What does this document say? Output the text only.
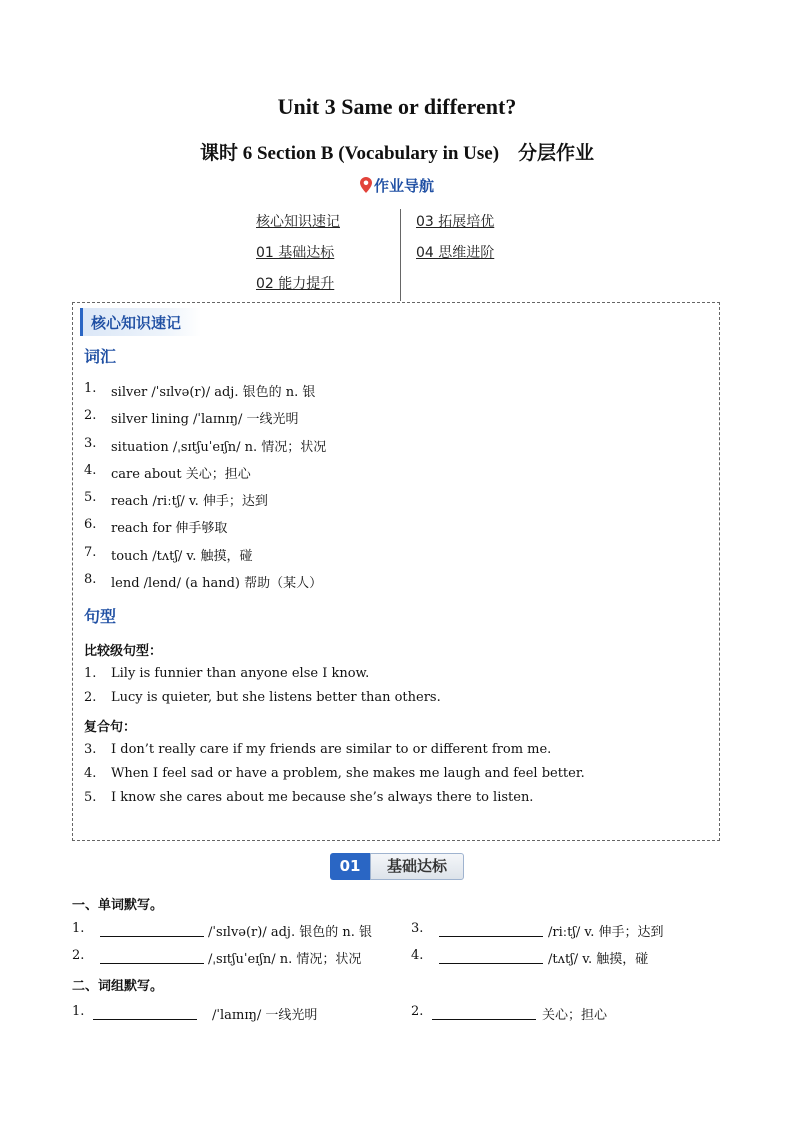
Unit 3 Same or different?
课时 6 Section B (Vocabulary in Use)　分层作业
作业导航
核心知识速记
01 基础达标
02 能力提升
03 拓展培优
04 思维进阶
核心知识速记
词汇
1. silver /ˈsɪlvə(r)/ adj. 银色的 n. 银
2. silver lining /ˈlaɪnɪŋ/ 一线光明
3. situation /ˌsɪtʃuˈeɪʃn/ n. 情况；状况
4. care about 关心；担心
5. reach /riːtʃ/ v. 伸手；达到
6. reach for 伸手够取
7. touch /tʌtʃ/ v. 触摸，碰
8. lend /lend/ (a hand) 帮助（某人）
句型
比较级句型：
1. Lily is funnier than anyone else I know.
2. Lucy is quieter, but she listens better than others.
复合句：
3. I don’t really care if my friends are similar to or different from me.
4. When I feel sad or have a problem, she makes me laugh and feel better.
5. I know she cares about me because she’s always there to listen.
01	基础达标
一、单词默写。
1.	/ˈsɪlvə(r)/ adj. 银色的 n. 银	3.	/riːtʃ/ v. 伸手；达到
2.	/ˌsɪtʃuˈeɪʃn/ n. 情况；状况	4.	/tʌtʃ/ v. 触摸，碰
二、词组默写。
1.	/ˈlaɪnɪŋ/ 一线光明	2.	关心；担心
